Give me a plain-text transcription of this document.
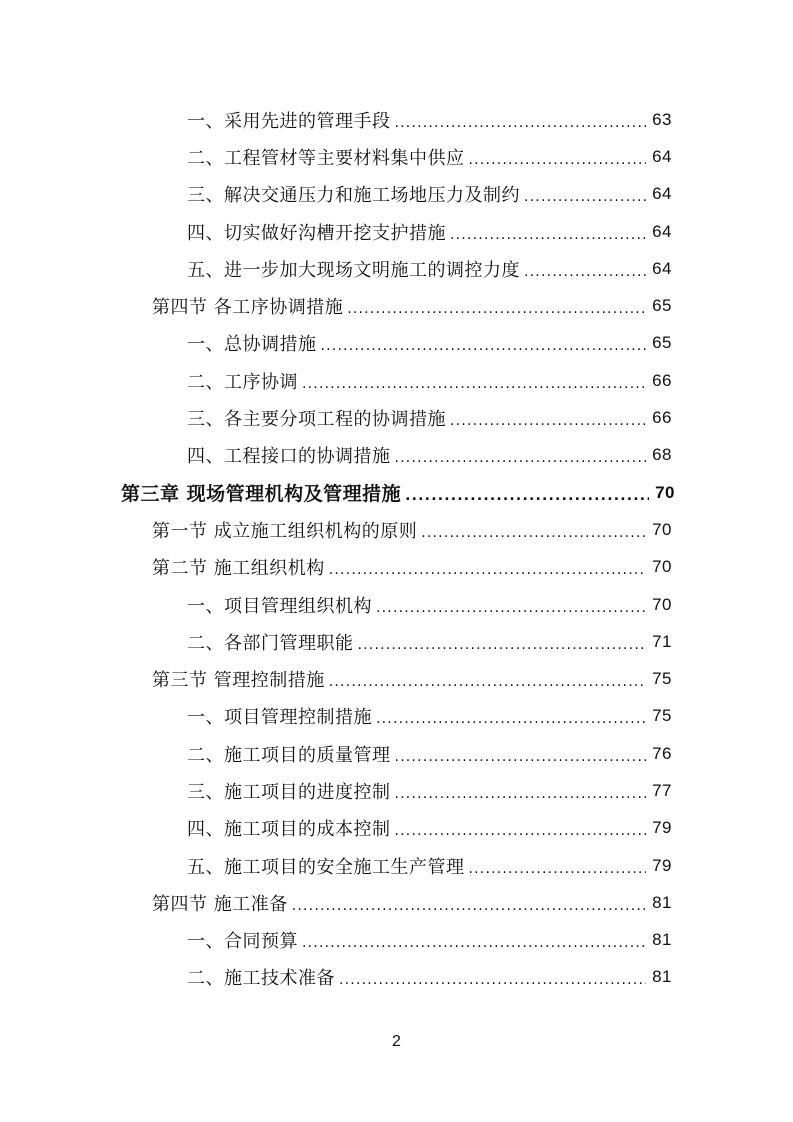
一、采用先进的管理手段 .....	63
二、工程管材等主要材料集中供应 .....	64
三、解决交通压力和施工场地压力及制约 .....	64
四、切实做好沟槽开挖支护措施 .....	64
五、进一步加大现场文明施工的调控力度 .....	64
第四节 各工序协调措施 .....	65
一、总协调措施 .....	65
二、工序协调 .....	66
三、各主要分项工程的协调措施 .....	66
四、工程接口的协调措施 .....	68
第三章 现场管理机构及管理措施 .....	70
第一节 成立施工组织机构的原则 .....	70
第二节 施工组织机构 .....	70
一、项目管理组织机构 .....	70
二、各部门管理职能 .....	71
第三节 管理控制措施 .....	75
一、项目管理控制措施 .....	75
二、施工项目的质量管理 .....	76
三、施工项目的进度控制 .....	77
四、施工项目的成本控制 .....	79
五、施工项目的安全施工生产管理 .....	79
第四节 施工准备 .....	81
一、合同预算 .....	81
二、施工技术准备 .....	81
2
